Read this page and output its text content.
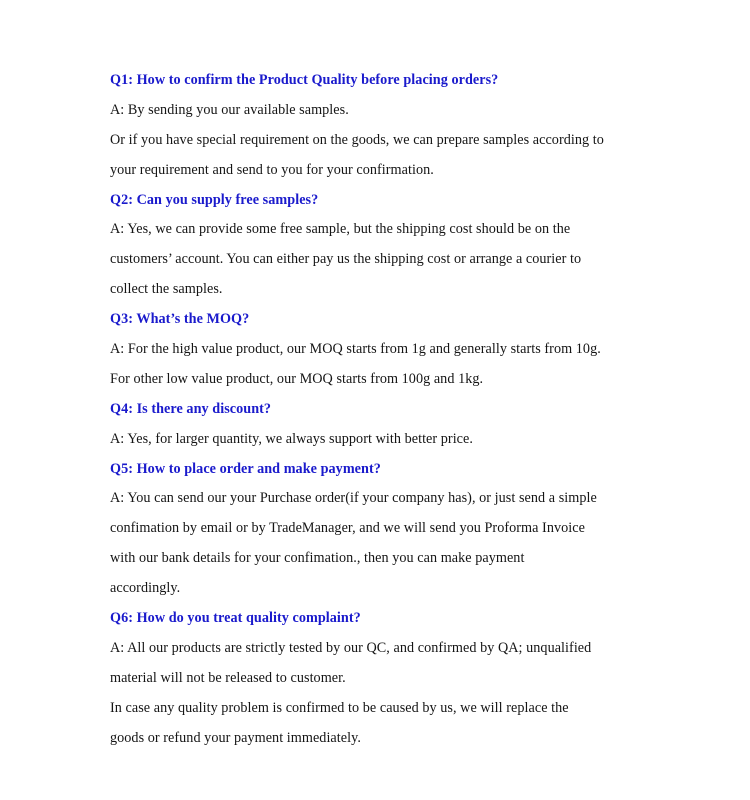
Q1: How to confirm the Product Quality before placing orders?
A: By sending you our available samples.
Or if you have special requirement on the goods, we can prepare samples according to
your requirement and send to you for your confirmation.
Q2: Can you supply free samples?
A: Yes, we can provide some free sample, but the shipping cost should be on the
customers’ account. You can either pay us the shipping cost or arrange a courier to
collect the samples.
Q3: What’s the MOQ?
A: For the high value product, our MOQ starts from 1g and generally starts from 10g.
For other low value product, our MOQ starts from 100g and 1kg.
Q4: Is there any discount?
A: Yes, for larger quantity, we always support with better price.
Q5: How to place order and make payment?
A: You can send our your Purchase order(if your company has), or just send a simple
confimation by email or by TradeManager, and we will send you Proforma Invoice
with our bank details for your confimation., then you can make payment
accordingly.
Q6: How do you treat quality complaint?
A: All our products are strictly tested by our QC, and confirmed by QA; unqualified
material will not be released to customer.
In case any quality problem is confirmed to be caused by us, we will replace the
goods or refund your payment immediately.
